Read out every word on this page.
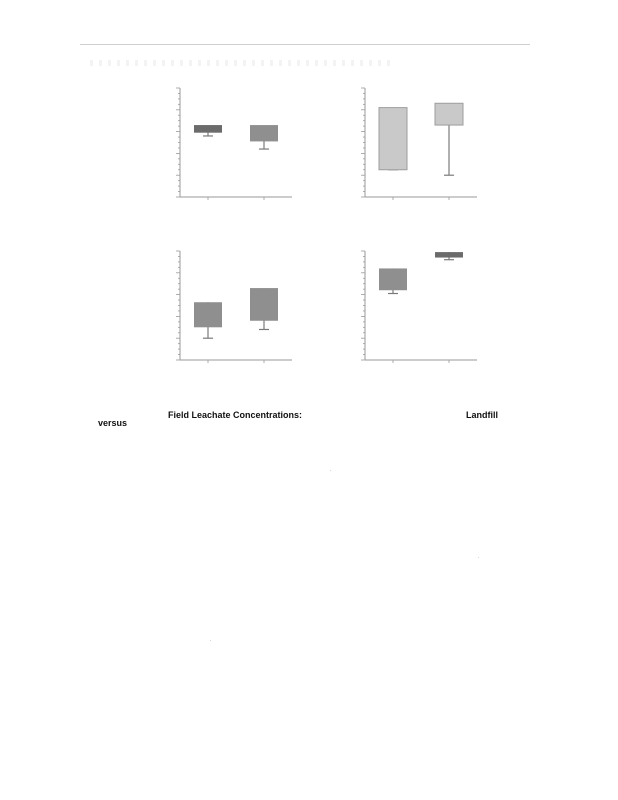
Field Leachate Concentrations:	Landfill
versus
